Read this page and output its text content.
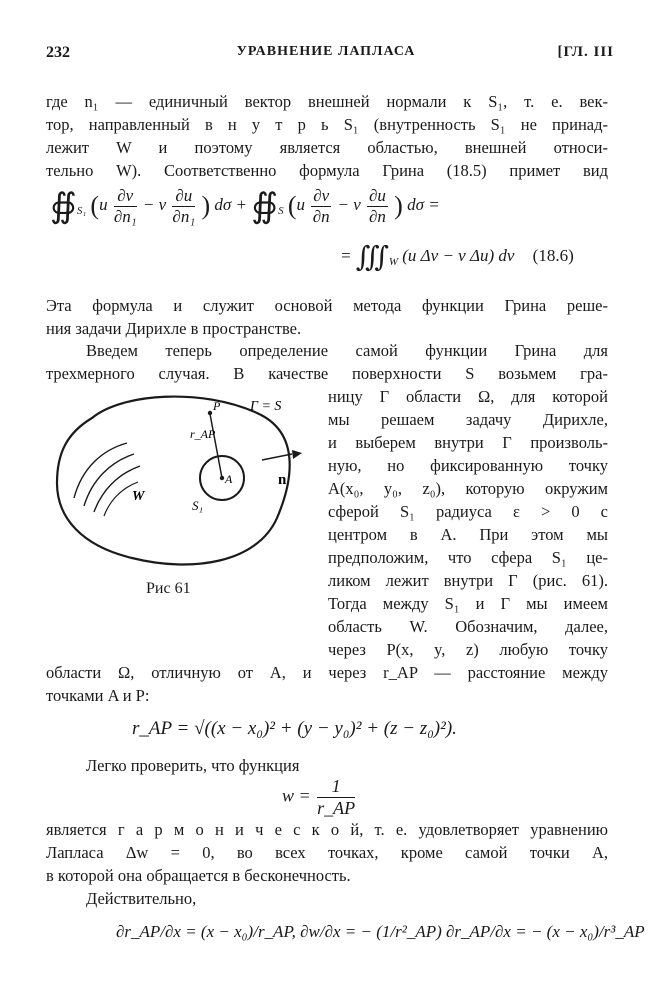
232	УРАВНЕНИЕ ЛАПЛАСА	[ГЛ. III
где n₁ — единичный вектор внешней нормали к S₁, т. е. век-
тор, направленный в н у т р ь S₁ (внутренность S₁ не принад-
лежит W и поэтому является областью, внешней относи-
тельно W). Соответственно формула Грина (18.5) примет вид
$∯_{S_1}$ ($u \frac{\partial v}{\text{∂n₁}} - v \frac{\partial u}{\text{∂n₁}}$ ) $d\sigma + ∯_S$ ($u \frac{\partial v}{\partial n} - v \frac{\partial u}{\partial n}$ ) dσ =
= $∭_W$ (u Δv − v Δu) dv (18.6)
Эта формула и служит основой метода функции Грина реше-
ния задачи Дирихле в пространстве.
Введем теперь определение самой функции Грина для
трехмерного случая. В качестве поверхности S возьмем гра-
ницу Γ области Ω, для которой
мы решаем задачу Дирихле,
и выберем внутри Γ произволь-
ную, но фиксированную точку
A(x₀, y₀, z₀), которую окружим
сферой S₁ радиуса ε > 0 с
центром в A. При этом мы
предположим, что сфера S₁ це-
ликом лежит внутри Γ (рис. 61).
Тогда между S₁ и Γ мы имеем
область W. Обозначим, далее,
через P(x, y, z) любую точку
области Ω, отличную от A, и через r_AP — расстояние между
точками A и P:
Γ = S
P
r_AP
A
S₁
W
n
Рис 61
r_AP = √((x − x₀)² + (y − y₀)² + (z − z₀)²).
Легко проверить, что функция
$w = \frac{1}{r\_AP}$
является г а р м о н и ч е с к о й, т. е. удовлетворяет уравнению
Лапласа Δw = 0, во всех точках, кроме самой точки A,
в которой она обращается в бесконечность.
Действительно,
∂r_AP/∂x = (x − x₀)/r_AP, ∂w/∂x = − (1/r²_AP) ∂r_AP/∂x = − (x − x₀)/r³_AP
